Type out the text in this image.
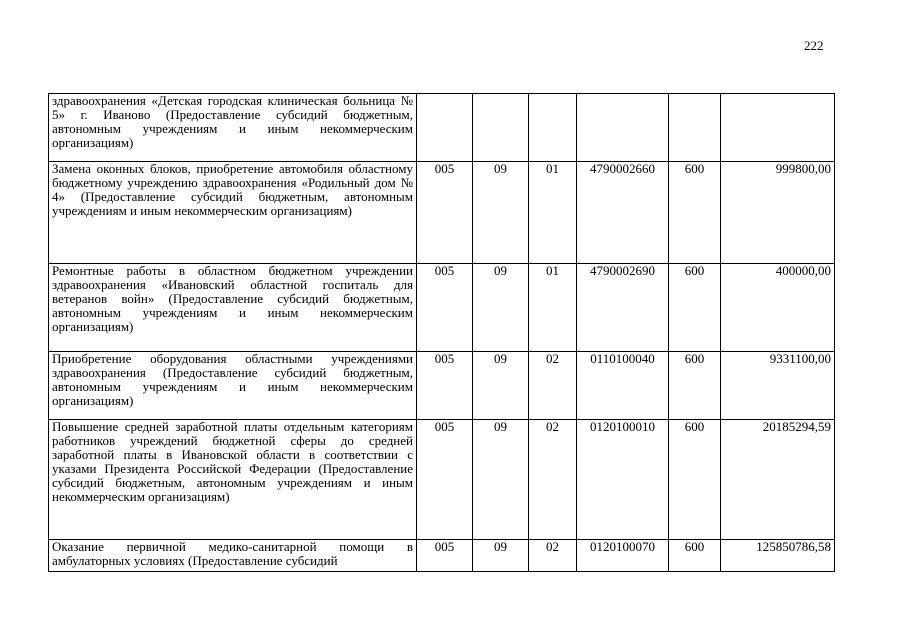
222
здравоохранения «Детская городская клиническая больница № 5» г. Иваново (Предоставление субсидий бюджетным, автономным учреждениям и иным некоммерческим организациям)						
Замена оконных блоков, приобретение автомобиля областному бюджетному учреждению здравоохранения «Родильный дом № 4» (Предоставление субсидий бюджетным, автономным учреждениям и иным некоммерческим организациям)	005	09	01	4790002660	600	999800,00
Ремонтные работы в областном бюджетном учреждении здравоохранения «Ивановский областной госпиталь для ветеранов войн» (Предоставление субсидий бюджетным, автономным учреждениям и иным некоммерческим организациям)	005	09	01	4790002690	600	400000,00
Приобретение оборудования областными учреждениями здравоохранения (Предоставление субсидий бюджетным, автономным учреждениям и иным некоммерческим организациям)	005	09	02	0110100040	600	9331100,00
Повышение средней заработной платы отдельным категориям работников учреждений бюджетной сферы до средней заработной платы в Ивановской области в соответствии с указами Президента Российской Федерации (Предоставление субсидий бюджетным, автономным учреждениям и иным некоммерческим организациям)	005	09	02	0120100010	600	20185294,59
Оказание первичной медико-санитарной помощи в амбулаторных условиях (Предоставление субсидий	005	09	02	0120100070	600	125850786,58
